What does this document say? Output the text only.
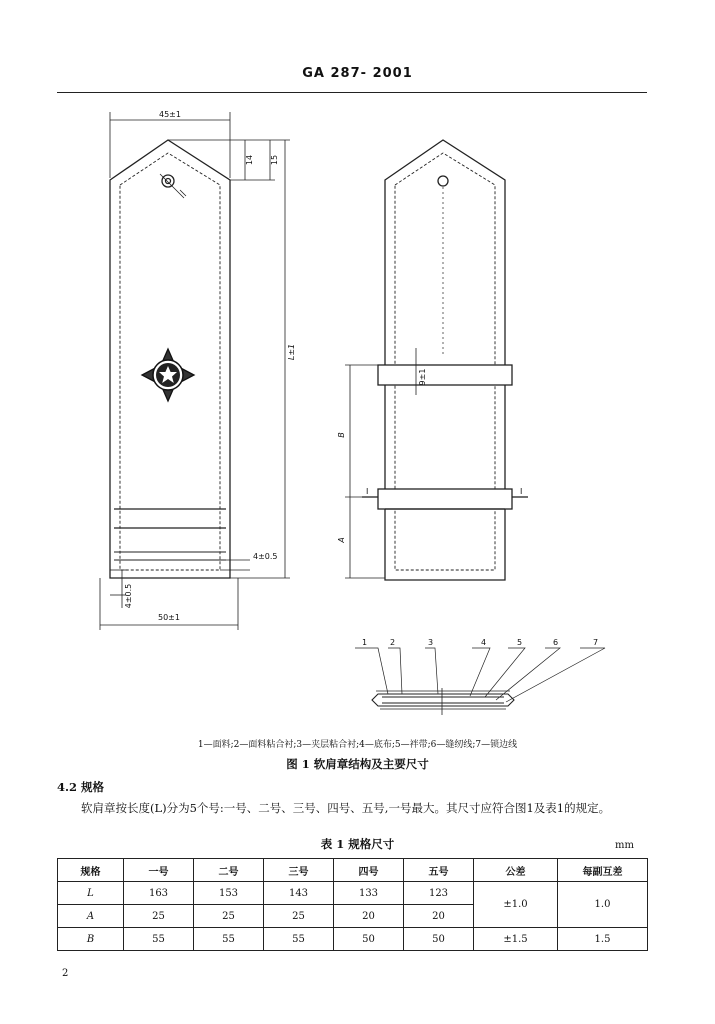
GA 287- 2001
45±1
14 15
L±1
4±0.5
4±0.5
50±1
9±1
B
A
I	I
1	2	3	4	5	6	7
1—面料;2—面料粘合衬;3—夹层粘合衬;4—底布;5—袢带;6—缝纫线;7—锁边线
图 1 软肩章结构及主要尺寸
4.2 规格
软肩章按长度(L)分为5个号:一号、二号、三号、四号、五号,一号最大。其尺寸应符合图1及表1的规定。
表 1 规格尺寸	mm
规格	一号	二号	三号	四号	五号	公差	每副互差
L	163	153	143	133	123	±1.0	1.0
A	25	25	25	20	20		
B	55	55	55	50	50	±1.5	1.5
2
